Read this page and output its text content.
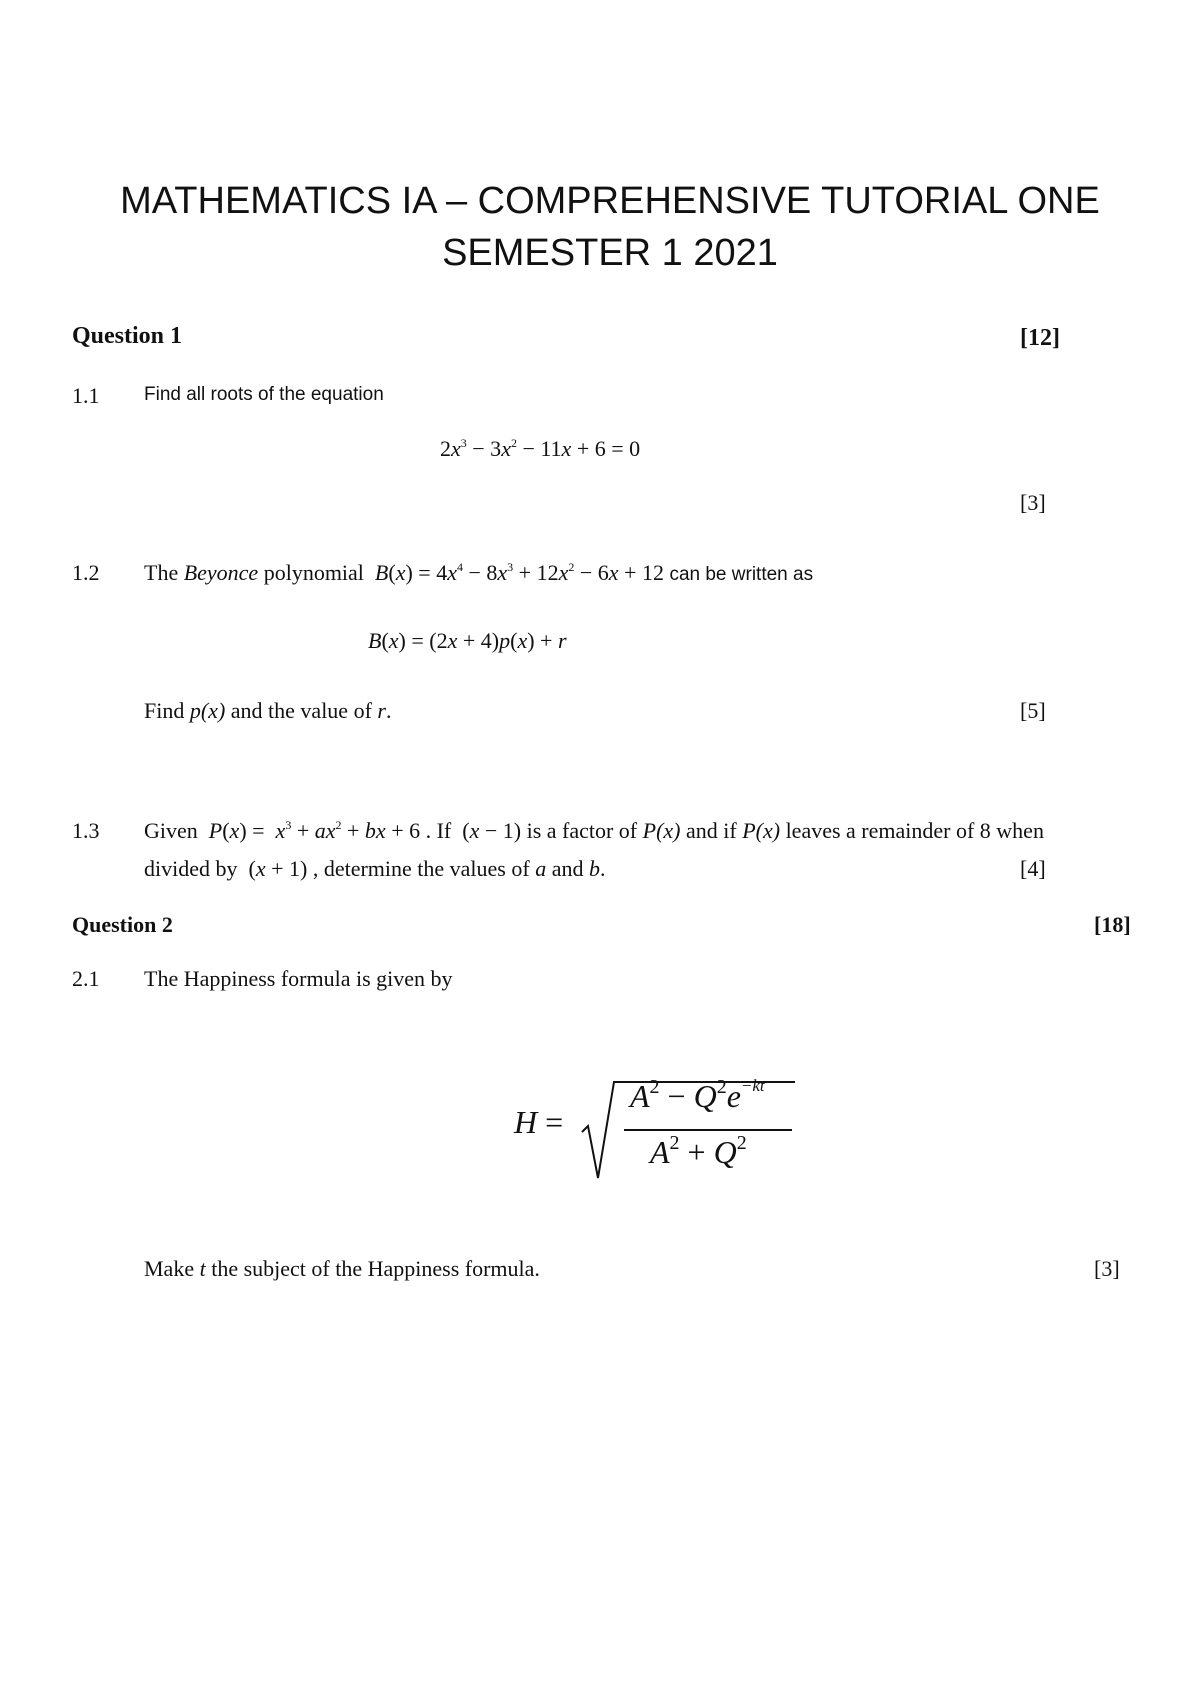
MATHEMATICS IA – COMPREHENSIVE TUTORIAL ONE
SEMESTER 1 2021
Question 1	[12]
1.1 Find all roots of the equation
$2x^3 - 3x^2 - 11x + 6 = 0$
[3]
1.2 The Beyonce polynomial $B(x) = 4x^4 - 8x^3 + 12x^2 - 6x + 12$ can be written as
B(x) = (2x + 4)p(x) + r
Find p(x) and the value of r.	[5]
1.3 Given  $P(x) = x^3 + ax^2$ + bx + 6 . If  (x − 1) is a factor of P(x) and if P(x) leaves a remainder of 8 when
divided by  (x + 1) , determine the values of a and b.	[4]
Question 2	[18]
2.1 The Happiness formula is given by
H =
$A^2 - Q^2e^{-kt}$
$A^2 + Q^2$
Make t the subject of the Happiness formula.	[3]
